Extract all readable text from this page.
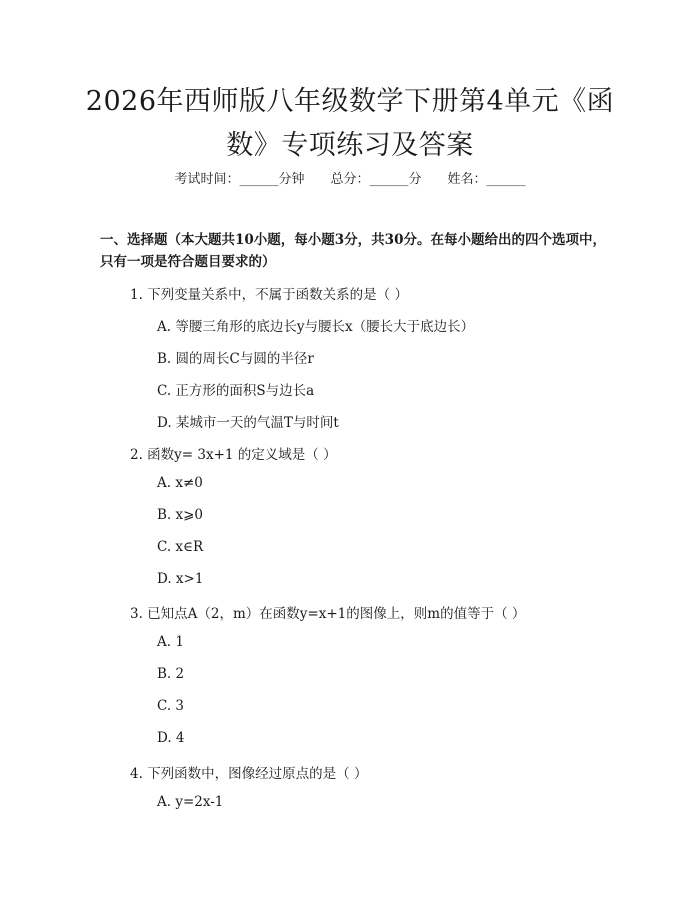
2026年西师版八年级数学下册第4单元《函数》专项练习及答案
考试时间：______分钟　　总分：______分　　姓名：______

一、选择题（本大题共10小题，每小题3分，共30分。在每小题给出的四个选项中，只有一项是符合题目要求的）

1. 下列变量关系中，不属于函数关系的是（ ）
A. 等腰三角形的底边长y与腰长x（腰长大于底边长）
B. 圆的周长C与圆的半径r
C. 正方形的面积S与边长a
D. 某城市一天的气温T与时间t
2. 函数y= 3x+1 的定义域是（ ）
A. x≠0
B. x⩾0
C. x∈R
D. x>1
3. 已知点A（2，m）在函数y=x+1的图像上，则m的值等于（ ）
A. 1
B. 2
C. 3
D. 4
4. 下列函数中，图像经过原点的是（ ）
A. y=2x-1
